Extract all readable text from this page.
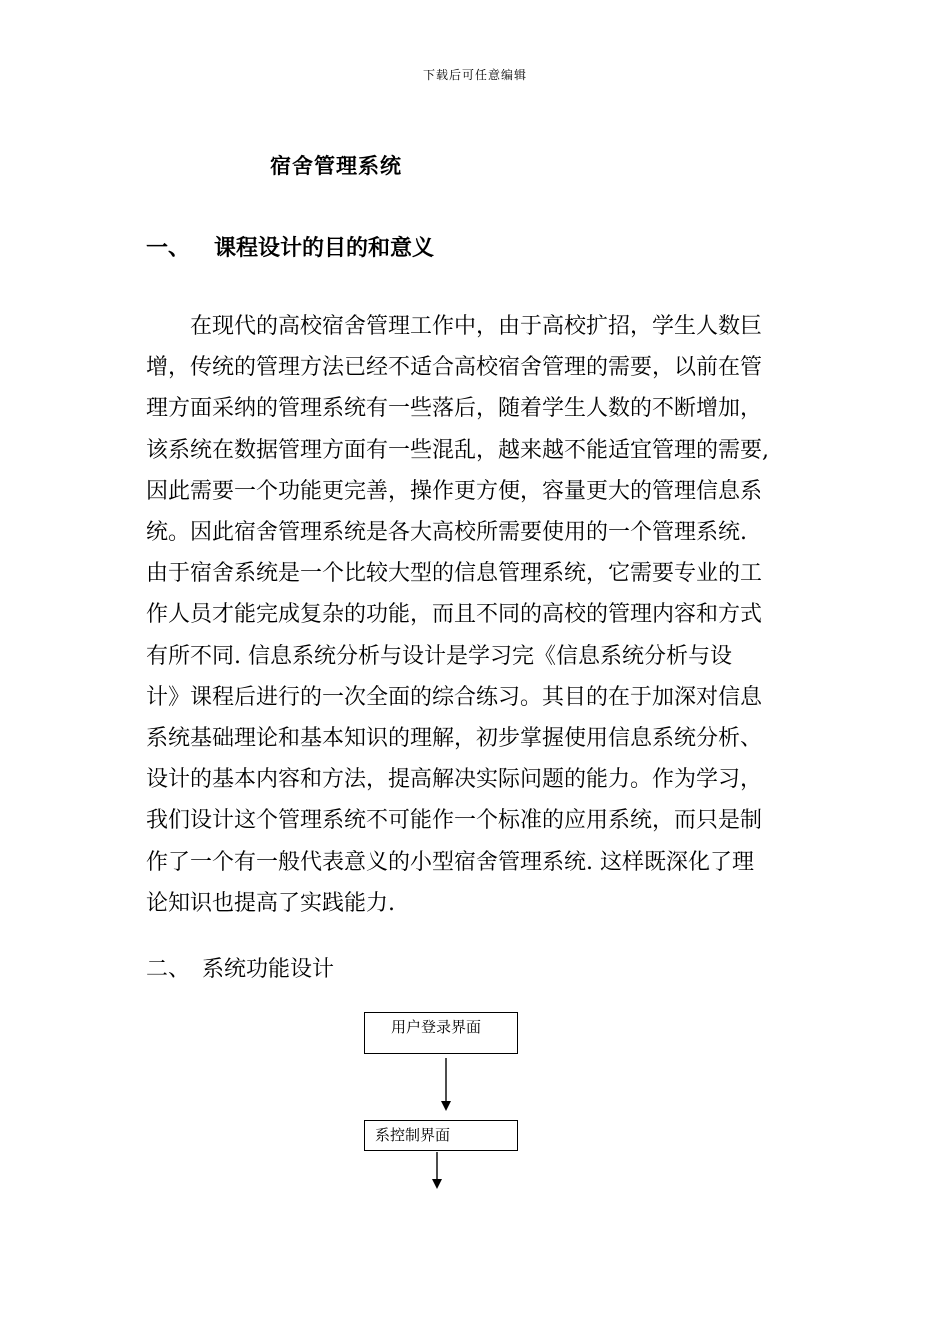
下载后可任意编辑
宿舍管理系统
一、 课程设计的目的和意义

在现代的高校宿舍管理工作中，由于高校扩招，学生人数巨
增，传统的管理方法已经不适合高校宿舍管理的需要，以前在管
理方面采纳的管理系统有一些落后，随着学生人数的不断增加，
该系统在数据管理方面有一些混乱，越来越不能适宜管理的需要,
因此需要一个功能更完善，操作更方便，容量更大的管理信息系
统。因此宿舍管理系统是各大高校所需要使用的一个管理系统.
由于宿舍系统是一个比较大型的信息管理系统，它需要专业的工
作人员才能完成复杂的功能，而且不同的高校的管理内容和方式
有所不同. 信息系统分析与设计是学习完《信息系统分析与设
计》课程后进行的一次全面的综合练习。其目的在于加深对信息
系统基础理论和基本知识的理解，初步掌握使用信息系统分析、
设计的基本内容和方法，提高解决实际问题的能力。作为学习，
我们设计这个管理系统不可能作一个标准的应用系统，而只是制
作了一个有一般代表意义的小型宿舍管理系统. 这样既深化了理
论知识也提高了实践能力.

二、 系统功能设计
用户登录界面
系控制界面
